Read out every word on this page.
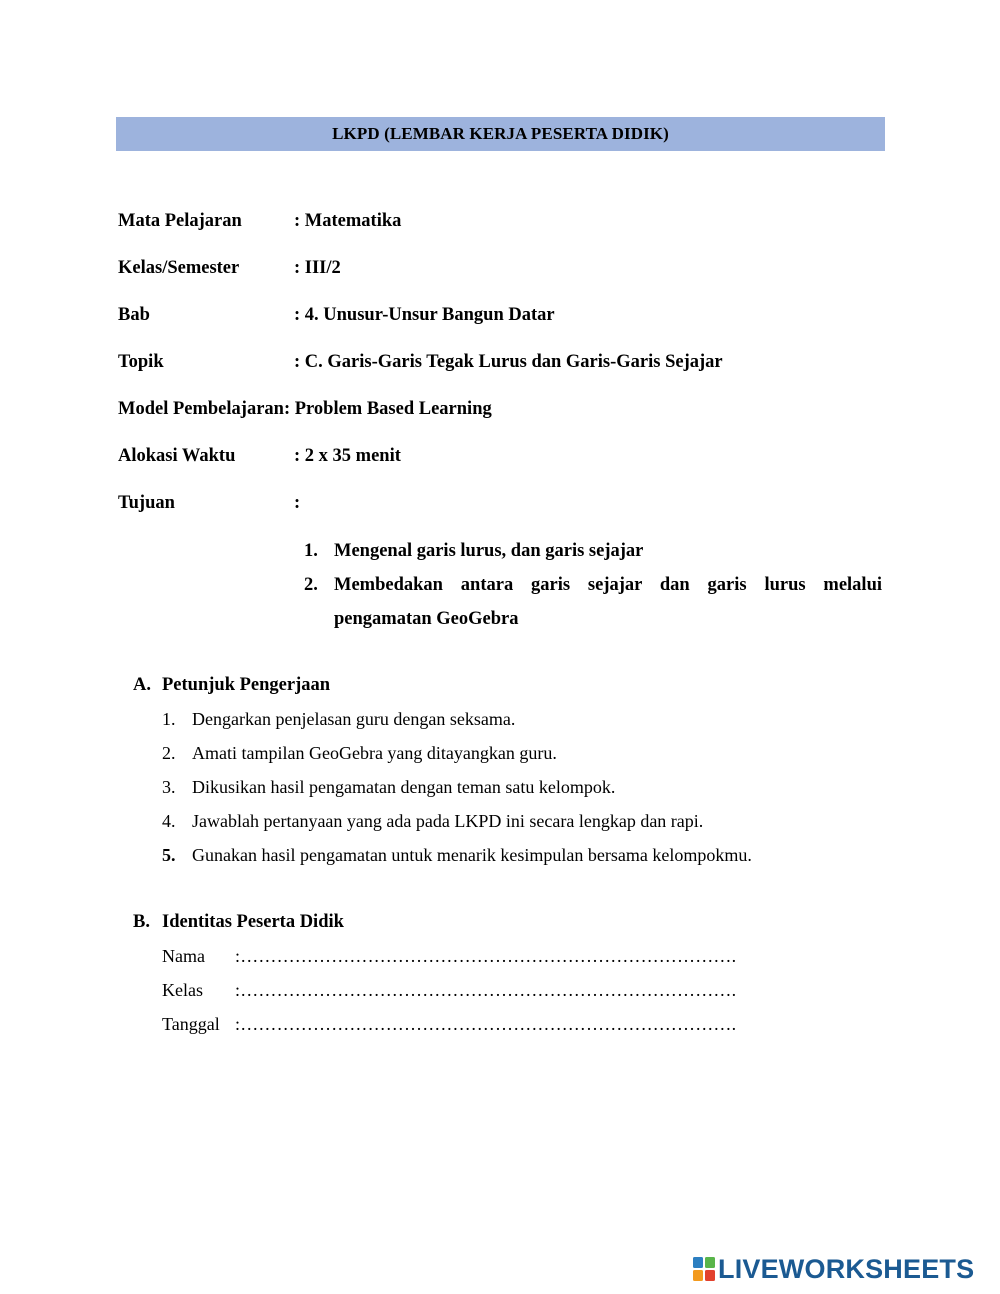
LKPD (LEMBAR KERJA PESERTA DIDIK)
Mata Pelajaran	: Matematika
Kelas/Semester	: III/2
Bab	: 4. Unusur-Unsur Bangun Datar
Topik	: C. Garis-Garis Tegak Lurus dan Garis-Garis Sejajar
Model Pembelajaran : Problem Based Learning
Alokasi Waktu	: 2 x 35 menit
Tujuan	:
1. Mengenal garis lurus, dan garis sejajar
2. Membedakan antara garis sejajar dan garis lurus melalui pengamatan GeoGebra
A. Petunjuk Pengerjaan
1. Dengarkan penjelasan guru dengan seksama.
2. Amati tampilan GeoGebra yang ditayangkan guru.
3. Dikusikan hasil pengamatan dengan teman satu kelompok.
4. Jawablah pertanyaan yang ada pada LKPD ini secara lengkap dan rapi.
5. Gunakan hasil pengamatan untuk menarik kesimpulan bersama kelompokmu.
B. Identitas Peserta Didik
Nama	:……………………………………………………………………….
Kelas	:……………………………………………………………………….
Tanggal :……………………………………………………………………….
LIVEWORKSHEETS
